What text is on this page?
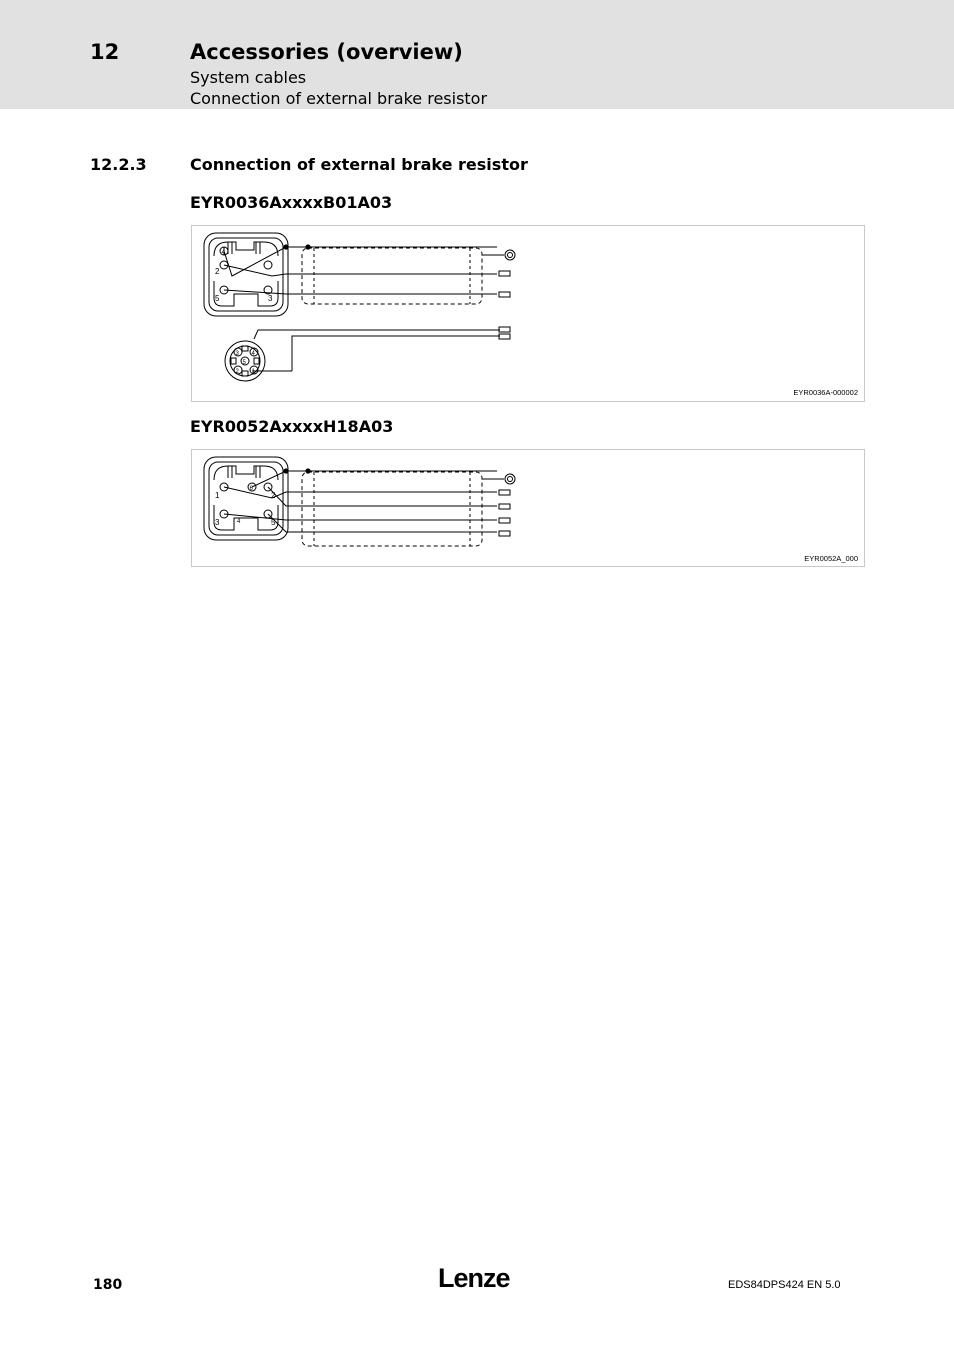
12	Accessories (overview)
System cables
Connection of external brake resistor
12.2.3	Connection of external brake resistor
EYR0036AxxxxB01A03
2
5	3
4
3 4
5
2 1
EYR0036A-000002
EYR0052AxxxxH18A03
6
1	2
3	4	5
EYR0052A_000
180	Lenze	EDS84DPS424 EN 5.0
